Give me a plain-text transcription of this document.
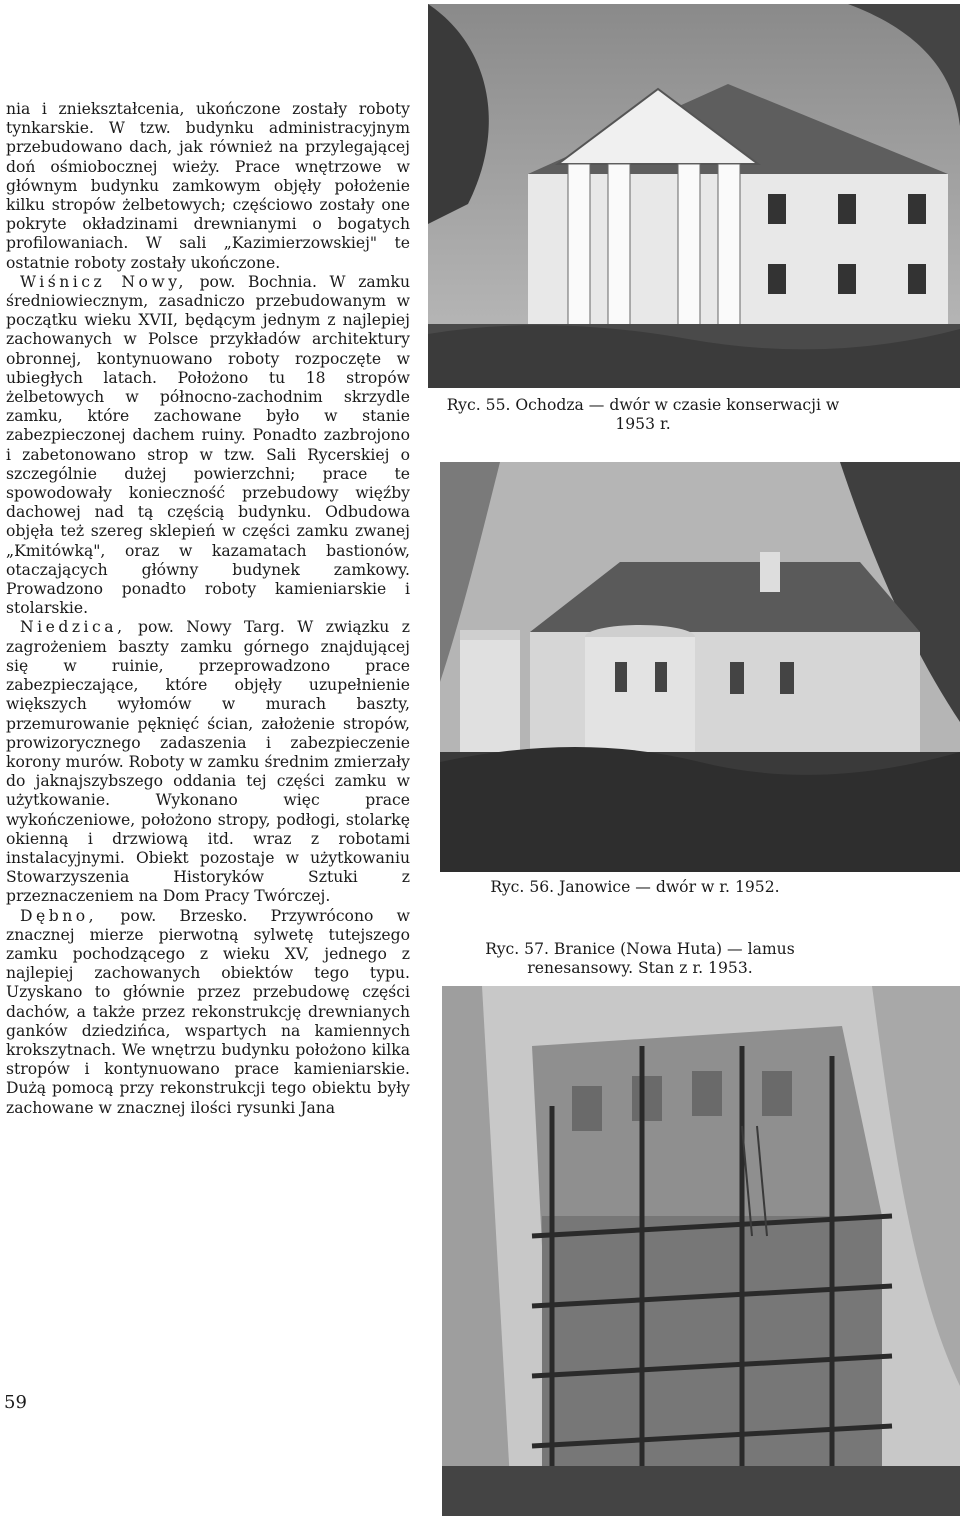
nia i zniekształcenia, ukończone zostały roboty tynkarskie. W tzw. budynku administracyjnym przebudowano dach, jak również na przylegającej doń ośmiobocznej wieży. Prace wnętrzowe w głównym budynku zamkowym objęły położenie kilku stropów żelbetowych; częściowo zostały one pokryte okładzinami drewnianymi o bogatych profilowaniach. W sali „Kazimierzowskiej" te ostatnie roboty zostały ukończone.

Wiśnicz Nowy, pow. Bochnia. W zamku średniowiecznym, zasadniczo przebudowanym w początku wieku XVII, będącym jednym z najlepiej zachowanych w Polsce przykładów architektury obronnej, kontynuowano roboty rozpoczęte w ubiegłych latach. Położono tu 18 stropów żelbetowych w północno-zachodnim skrzydle zamku, które zachowane było w stanie zabezpieczonej dachem ruiny. Ponadto zazbrojono i zabetonowano strop w tzw. Sali Rycerskiej o szczególnie dużej powierzchni; prace te spowodowały konieczność przebudowy więźby dachowej nad tą częścią budynku. Odbudowa objęła też szereg sklepień w części zamku zwanej „Kmitówką", oraz w kazamatach bastionów, otaczających główny budynek zamkowy. Prowadzono ponadto roboty kamieniarskie i stolarskie.

Niedzica, pow. Nowy Targ. W związku z zagrożeniem baszty zamku górnego znajdującej się w ruinie, przeprowadzono prace zabezpieczające, które objęły uzupełnienie większych wyłomów w murach baszty, przemurowanie pęknięć ścian, założenie stropów, prowizorycznego zadaszenia i zabezpieczenie korony murów. Roboty w zamku średnim zmierzały do jaknajszybszego oddania tej części zamku w użytkowanie. Wykonano więc prace wykończeniowe, położono stropy, podłogi, stolarkę okienną i drzwiową itd. wraz z robotami instalacyjnymi. Obiekt pozostaje w użytkowaniu Stowarzyszenia Historyków Sztuki z przeznaczeniem na Dom Pracy Twórczej.

Dębno, pow. Brzesko. Przywrócono w znacznej mierze pierwotną sylwetę tutejszego zamku pochodzącego z wieku XV, jednego z najlepiej zachowanych obiektów tego typu. Uzyskano to głównie przez przebudowę części dachów, a także przez rekonstrukcję drewnianych ganków dziedzińca, wspartych na kamiennych krokszytnach. We wnętrzu budynku położono kilka stropów i kontynuowano prace kamieniarskie. Dużą pomocą przy rekonstrukcji tego obiektu były zachowane w znacznej ilości rysunki Jana

59
Ryc. 55. Ochodza — dwór w czasie konserwacji w 1953 r.
Ryc. 56. Janowice — dwór w r. 1952.
Ryc. 57. Branice (Nowa Huta) — lamus renesansowy. Stan z r. 1953.
